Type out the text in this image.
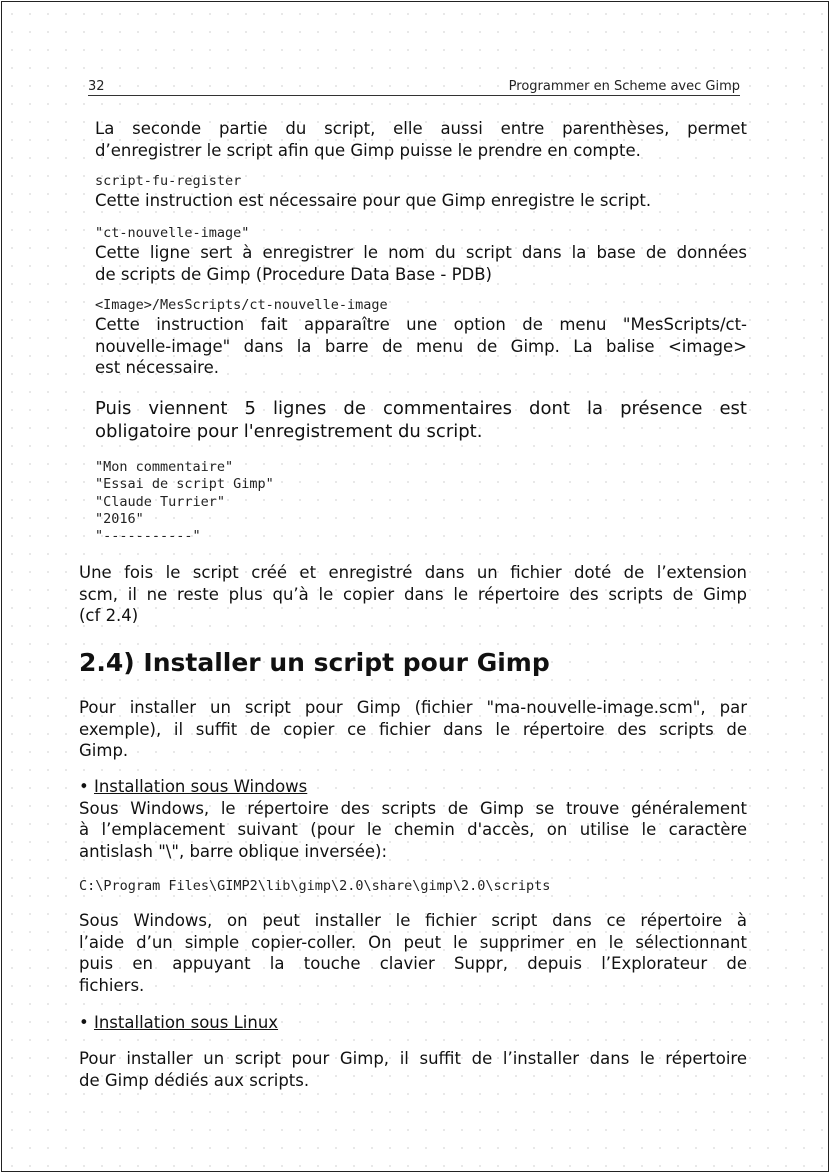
32	Programmer en Scheme avec Gimp
La seconde partie du script, elle aussi entre parenthèses, permet
d’enregistrer le script afin que Gimp puisse le prendre en compte.
script-fu-register
Cette instruction est nécessaire pour que Gimp enregistre le script.
"ct-nouvelle-image"
Cette ligne sert à enregistrer le nom du script dans la base de données
de scripts de Gimp (Procedure Data Base - PDB)
<Image>/MesScripts/ct-nouvelle-image
Cette instruction fait apparaître une option de menu "MesScripts/ct-
nouvelle-image" dans la barre de menu de Gimp. La balise <image>
est nécessaire.
Puis viennent 5 lignes de commentaires dont la présence est
obligatoire pour l'enregistrement du script.
"Mon commentaire"
"Essai de script Gimp"
"Claude Turrier"
"2016"
"-----------"
Une fois le script créé et enregistré dans un fichier doté de l’extension
scm, il ne reste plus qu’à le copier dans le répertoire des scripts de Gimp
(cf 2.4)
2.4) Installer un script pour Gimp
Pour installer un script pour Gimp (fichier "ma-nouvelle-image.scm", par
exemple), il suffit de copier ce fichier dans le répertoire des scripts de
Gimp.
• Installation sous Windows
Sous Windows, le répertoire des scripts de Gimp se trouve généralement
à l’emplacement suivant (pour le chemin d'accès, on utilise le caractère
antislash "\", barre oblique inversée):
C:\Program Files\GIMP2\lib\gimp\2.0\share\gimp\2.0\scripts
Sous Windows, on peut installer le fichier script dans ce répertoire à
l’aide d’un simple copier-coller. On peut le supprimer en le sélectionnant
puis en appuyant la touche clavier Suppr, depuis l’Explorateur de
fichiers.
• Installation sous Linux
Pour installer un script pour Gimp, il suffit de l’installer dans le répertoire
de Gimp dédiés aux scripts.
